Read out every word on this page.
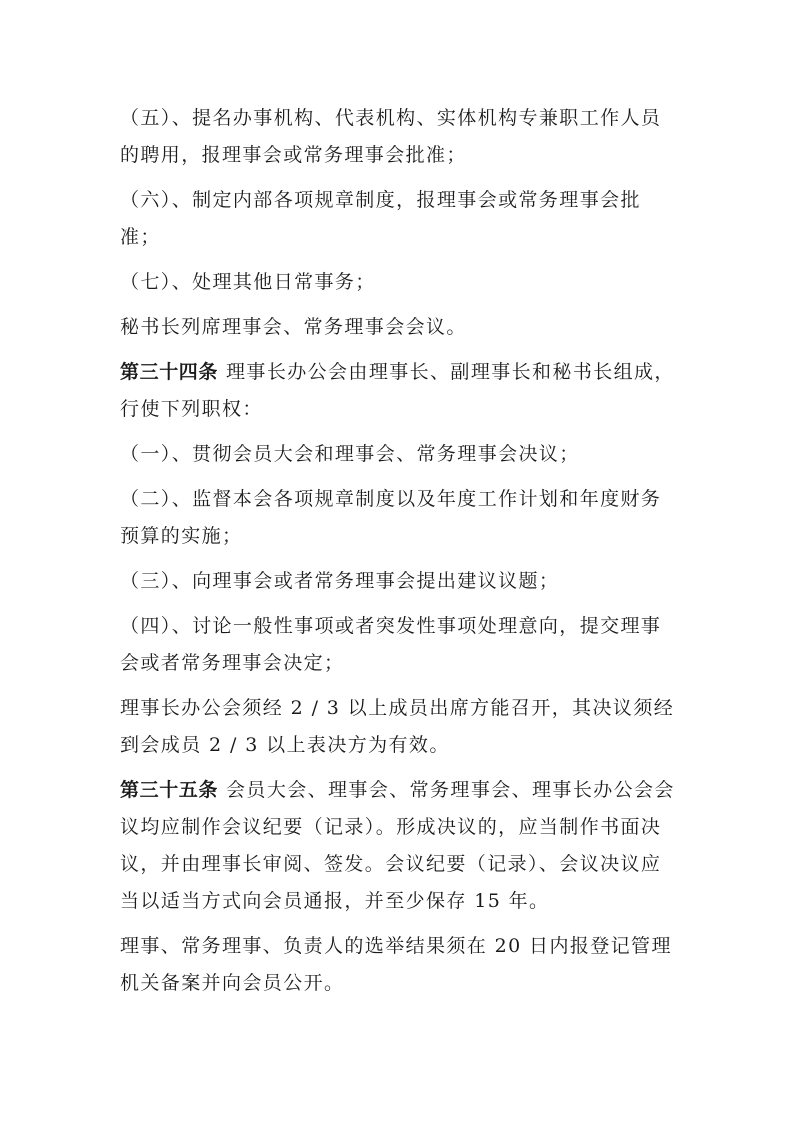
（五）、提名办事机构、代表机构、实体机构专兼职工作人员的聘用，报理事会或常务理事会批准；

（六）、制定内部各项规章制度，报理事会或常务理事会批准；

（七）、处理其他日常事务；

秘书长列席理事会、常务理事会会议。

第三十四条 理事长办公会由理事长、副理事长和秘书长组成，行使下列职权：

（一）、贯彻会员大会和理事会、常务理事会决议；

（二）、监督本会各项规章制度以及年度工作计划和年度财务预算的实施；

（三）、向理事会或者常务理事会提出建议议题；

（四）、讨论一般性事项或者突发性事项处理意向，提交理事会或者常务理事会决定；

理事长办公会须经 2 / 3 以上成员出席方能召开，其决议须经到会成员 2 / 3 以上表决方为有效。

第三十五条 会员大会、理事会、常务理事会、理事长办公会会议均应制作会议纪要（记录）。形成决议的，应当制作书面决议，并由理事长审阅、签发。会议纪要（记录）、会议决议应当以适当方式向会员通报，并至少保存 15 年。

理事、常务理事、负责人的选举结果须在 20 日内报登记管理机关备案并向会员公开。
